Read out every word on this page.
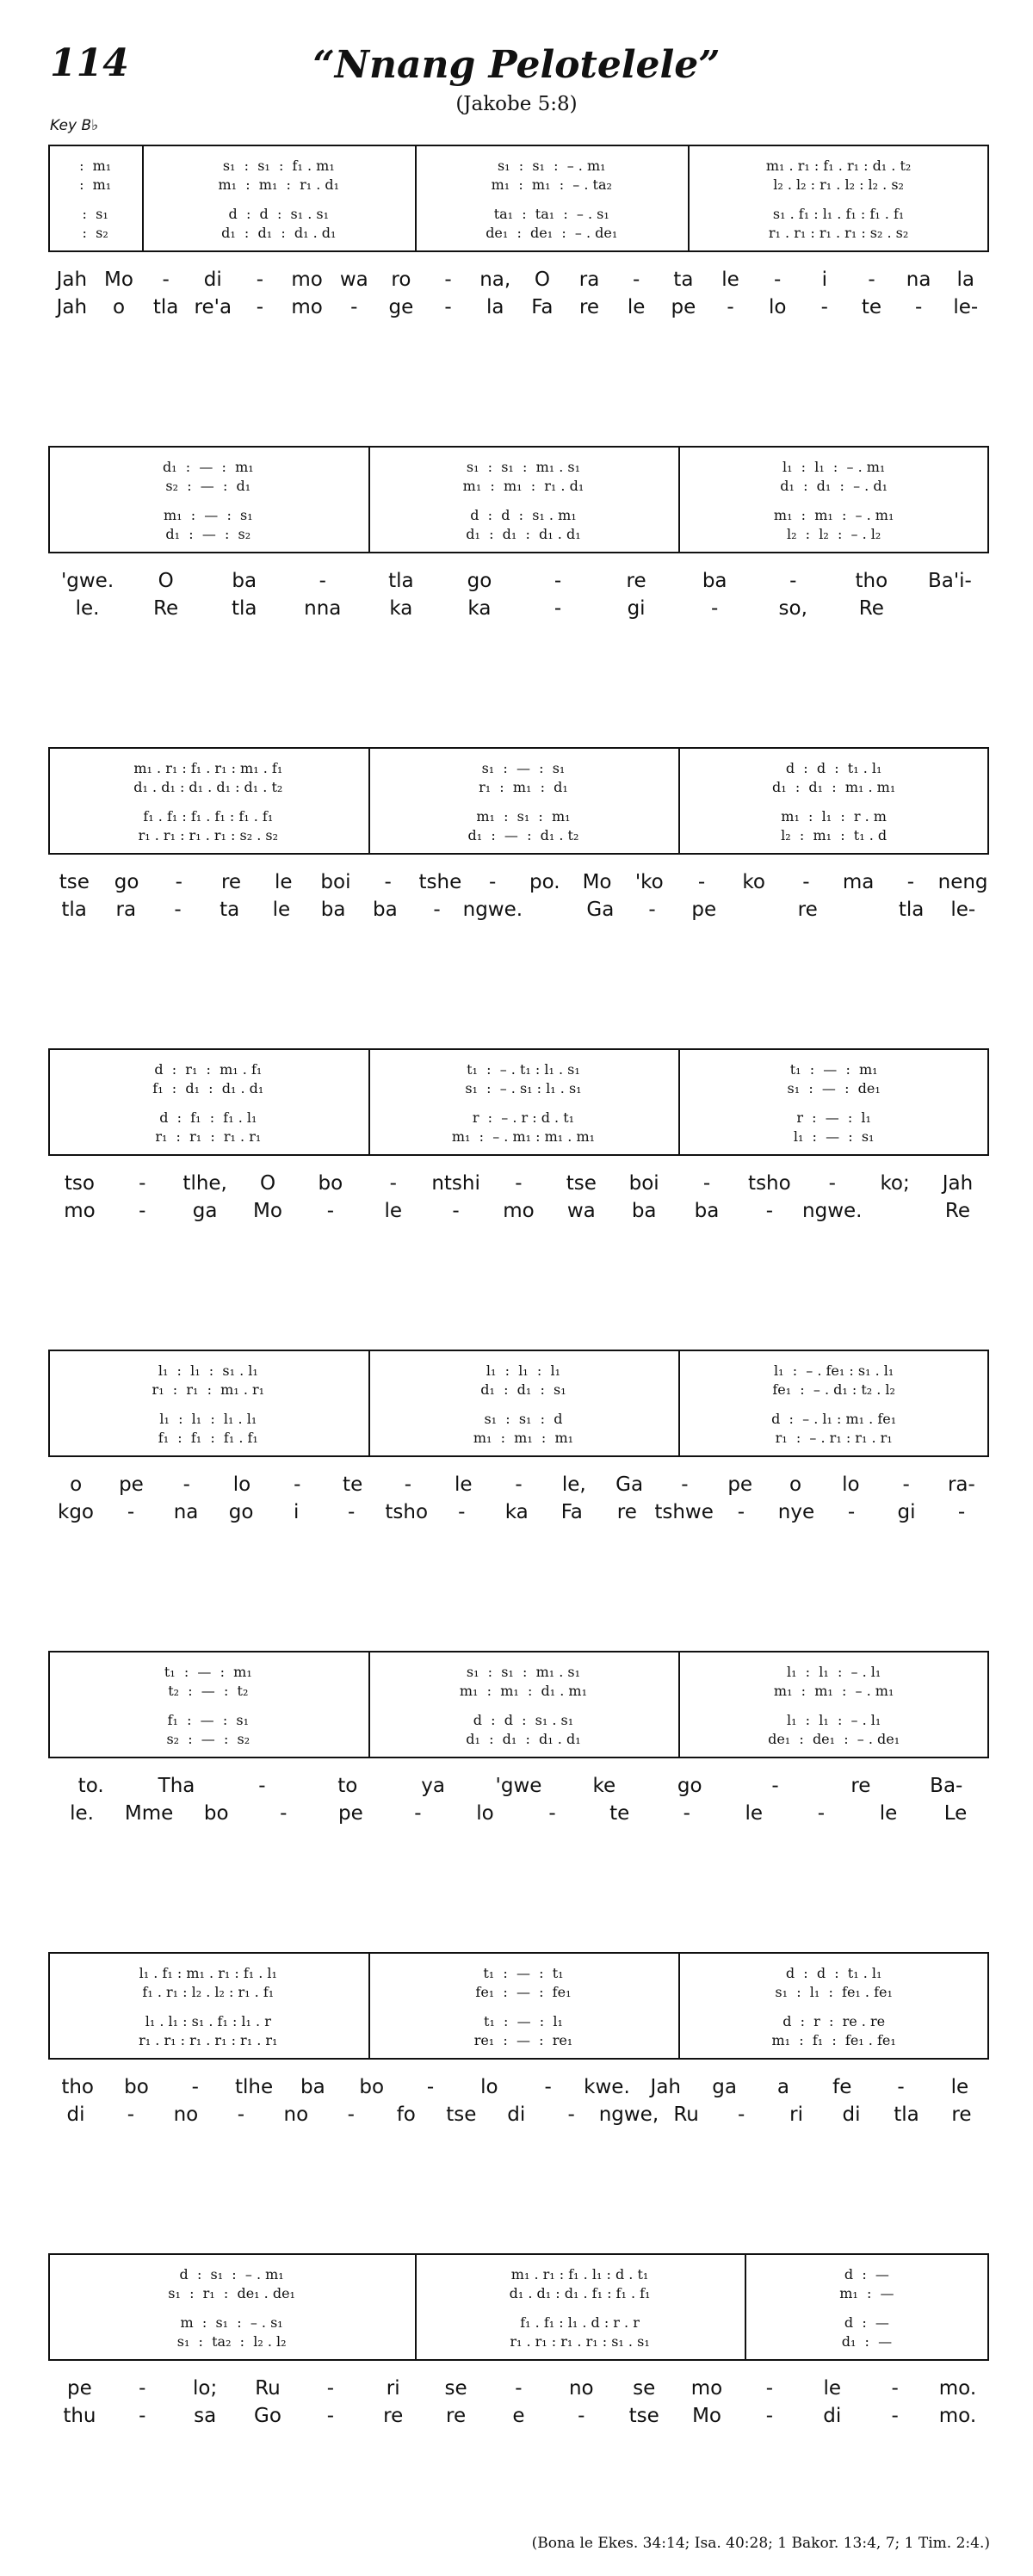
114	“Nnang Pelotelele”
(Jakobe 5:8)
Key B♭
:  m₁	s₁  :  s₁  :  f₁ . m₁	s₁  :  s₁  :  – . m₁	m₁ . r₁ : f₁ . r₁ : d₁ . t₂
:  m₁	m₁  :  m₁  :  r₁ . d₁	m₁  :  m₁  :  – . ta₂	l₂ . l₂ : r₁ . l₂ : l₂ . s₂
:  s₁	d  :  d  :  s₁ . s₁	ta₁  :  ta₁  :  – . s₁	s₁ . f₁ : l₁ . f₁ : f₁ . f₁
:  s₂	d₁  :  d₁  :  d₁ . d₁	de₁  :  de₁  :  – . de₁	r₁ . r₁ : r₁ . r₁ : s₂ . s₂
Jah Mo	-	di	-	mo wa	ro	-	na,	O	ra	-	ta	le	-	i	-	na	la
Jah	o	tla re'a	-	mo	-	ge	-	la	Fa	re	le	pe	-	lo	-	te	-	le-
d₁  :  —  :  m₁	s₁  :  s₁  :  m₁ . s₁	l₁  :  l₁  :  – . m₁
s₂  :  —  :  d₁	m₁  :  m₁  :  r₁ . d₁	d₁  :  d₁  :  – . d₁
m₁  :  —  :  s₁	d  :  d  :  s₁ . m₁	m₁  :  m₁  :  – . m₁
d₁  :  —  :  s₂	d₁  :  d₁  :  d₁ . d₁	l₂  :  l₂  :  – . l₂
'gwe.	O	ba	-	tla	go	-	re	ba	-	tho	Ba'i-
le.	Re	tla	nna	ka	ka	-	gi	-	so,	Re
m₁ . r₁ : f₁ . r₁ : m₁ . f₁	s₁  :  —  :  s₁	d  :  d  :  t₁ . l₁
d₁ . d₁ : d₁ . d₁ : d₁ . t₂	r₁  :  m₁  :  d₁	d₁  :  d₁  :  m₁ . m₁
f₁ . f₁ : f₁ . f₁ : f₁ . f₁	m₁  :  s₁  :  m₁	m₁  :  l₁  :  r . m
r₁ . r₁ : r₁ . r₁ : s₂ . s₂	d₁  :  —  :  d₁ . t₂	l₂  :  m₁  :  t₁ . d
tse	go	-	re	le	boi	-	tshe	-	po.	Mo	'ko	-	ko	-	ma	-	neng
tla	ra	-	ta	le	ba	ba	-	ngwe.	Ga	-	pe	re	tla	le-
d  :  r₁  :  m₁ . f₁	t₁  :  – . t₁ : l₁ . s₁	t₁  :  —  :  m₁
f₁  :  d₁  :  d₁ . d₁	s₁  :  – . s₁ : l₁ . s₁	s₁  :  —  :  de₁
d  :  f₁  :  f₁ . l₁	r  :  – . r : d . t₁	r  :  —  :  l₁
r₁  :  r₁  :  r₁ . r₁	m₁  :  – . m₁ : m₁ . m₁	l₁  :  —  :  s₁
tso	-	tlhe,	O	bo	-	ntshi	-	tse	boi	-	tsho	-	ko;	Jah
mo	-	ga	Mo	-	le	-	mo	wa	ba	ba	-	ngwe.	Re
l₁  :  l₁  :  s₁ . l₁	l₁  :  l₁  :  l₁	l₁  :  – . fe₁ : s₁ . l₁
r₁  :  r₁  :  m₁ . r₁	d₁  :  d₁  :  s₁	fe₁  :  – . d₁ : t₂ . l₂
l₁  :  l₁  :  l₁ . l₁	s₁  :  s₁  :  d	d  :  – . l₁ : m₁ . fe₁
f₁  :  f₁  :  f₁ . f₁	m₁  :  m₁  :  m₁	r₁  :  – . r₁ : r₁ . r₁
o	pe	-	lo	-	te	-	le	-	le,	Ga	-	pe	o	lo	-	ra-
kgo	-	na	go	i	-	tsho	-	ka	Fa	re tshwe	-	nye	-	gi	-
t₁  :  —  :  m₁	s₁  :  s₁  :  m₁ . s₁	l₁  :  l₁  :  – . l₁
t₂  :  —  :  t₂	m₁  :  m₁  :  d₁ . m₁	m₁  :  m₁  :  – . m₁
f₁  :  —  :  s₁	d  :  d  :  s₁ . s₁	l₁  :  l₁  :  – . l₁
s₂  :  —  :  s₂	d₁  :  d₁  :  d₁ . d₁	de₁  :  de₁  :  – . de₁
to.	Tha	-	to	ya	'gwe	ke	go	-	re	Ba-
le.	Mme	bo	-	pe	-	lo	-	te	-	le	-	le	Le
l₁ . f₁ : m₁ . r₁ : f₁ . l₁	t₁  :  —  :  t₁	d  :  d  :  t₁ . l₁
f₁ . r₁ : l₂ . l₂ : r₁ . f₁	fe₁  :  —  :  fe₁	s₁  :  l₁  :  fe₁ . fe₁
l₁ . l₁ : s₁ . f₁ : l₁ . r	t₁  :  —  :  l₁	d  :  r  :  re . re
r₁ . r₁ : r₁ . r₁ : r₁ . r₁	re₁  :  —  :  re₁	m₁  :  f₁  :  fe₁ . fe₁
tho	bo	-	tlhe	ba	bo	-	lo	-	kwe.	Jah	ga	a	fe	-	le
di	-	no	-	no	-	fo	tse	di	-	ngwe, Ru	-	ri	di	tla	re
d  :  s₁  :  – . m₁	m₁ . r₁ : f₁ . l₁ : d . t₁	d  :  —
s₁  :  r₁  :  de₁ . de₁	d₁ . d₁ : d₁ . f₁ : f₁ . f₁	m₁  :  —
m  :  s₁  :  – . s₁	f₁ . f₁ : l₁ . d : r . r	d  :  —
s₁  :  ta₂  :  l₂ . l₂	r₁ . r₁ : r₁ . r₁ : s₁ . s₁	d₁  :  —
pe	-	lo;	Ru	-	ri	se	-	no	se	mo	-	le	-	mo.
thu	-	sa	Go	-	re	re	e	-	tse	Mo	-	di	-	mo.
(Bona le Ekes. 34:14; Isa. 40:28; 1 Bakor. 13:4, 7; 1 Tim. 2:4.)
